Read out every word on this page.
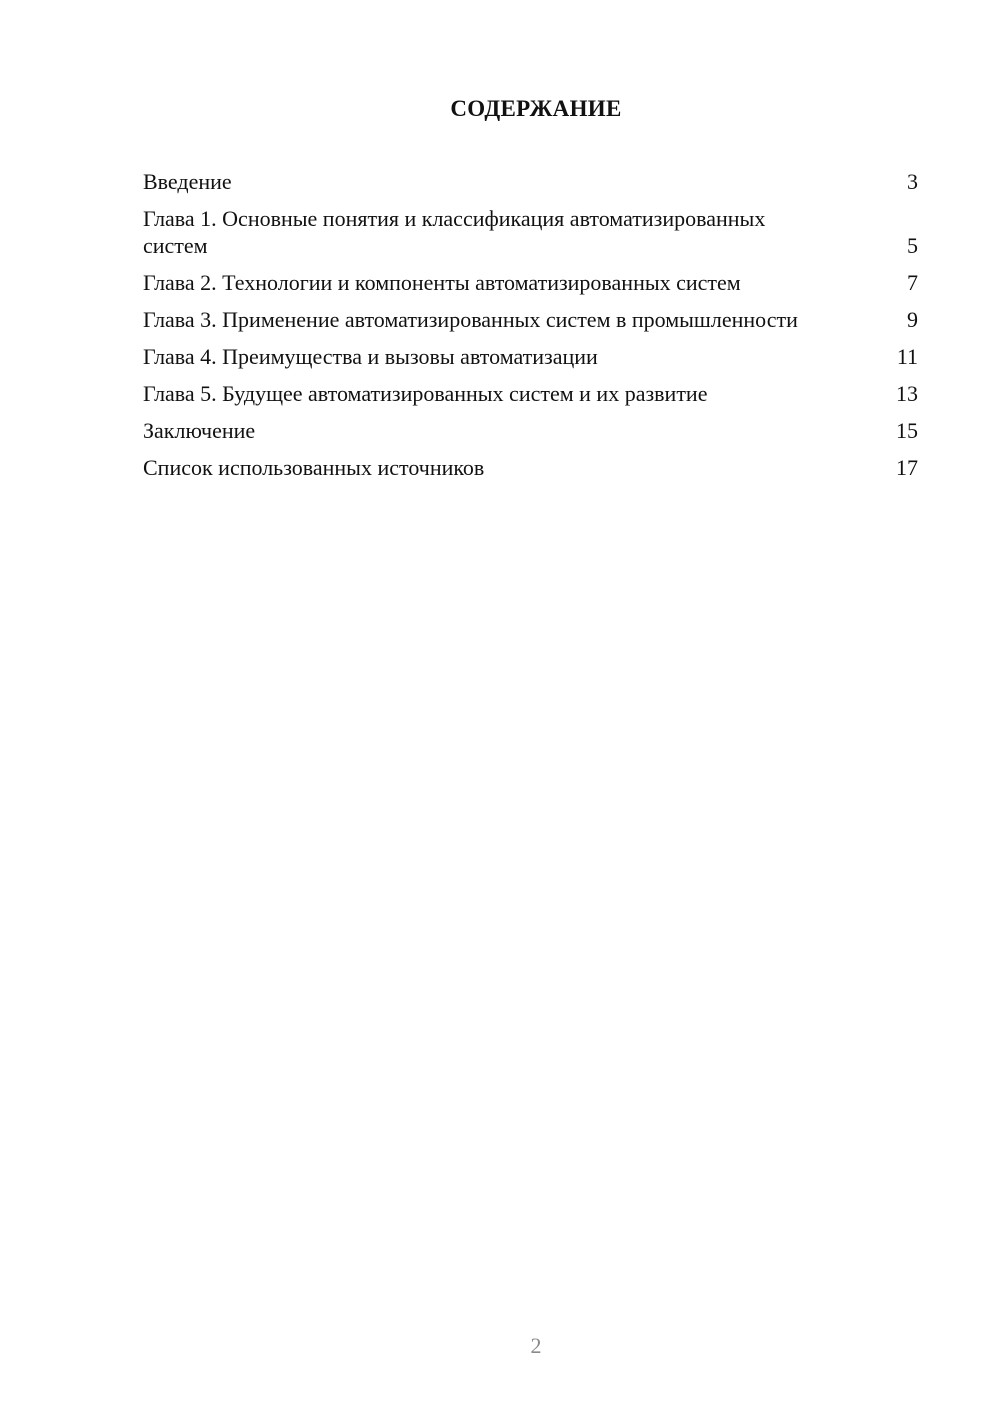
СОДЕРЖАНИЕ
Введение	3
Глава 1. Основные понятия и классификация автоматизированных систем	5
Глава 2. Технологии и компоненты автоматизированных систем	7
Глава 3. Применение автоматизированных систем в промышленности	9
Глава 4. Преимущества и вызовы автоматизации	11
Глава 5. Будущее автоматизированных систем и их развитие	13
Заключение	15
Список использованных источников	17
2
